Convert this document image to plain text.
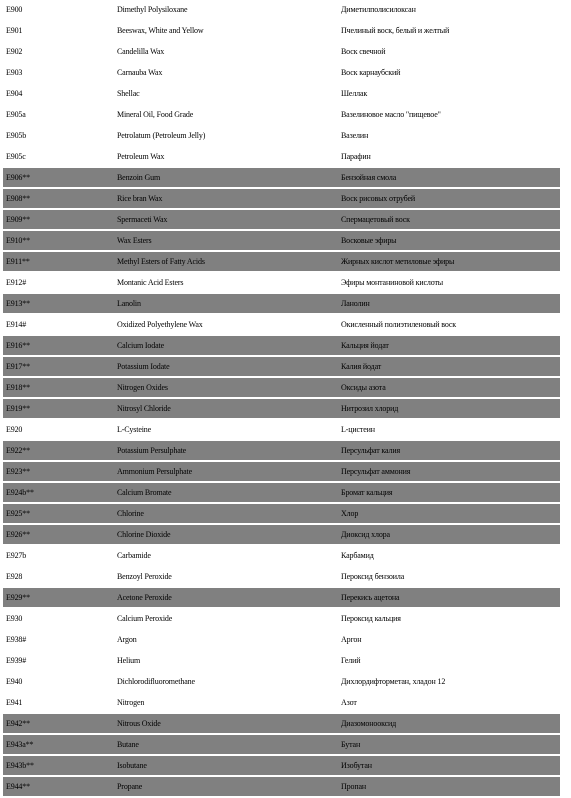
E900	Dimethyl Polysiloxane	Диметилполисилоксан
E901	Beeswax, White and Yellow	Пчелиный воск, белый и желтый
E902	Candelilla Wax	Воск свечной
E903	Carnauba Wax	Воск карнаубский
E904	Shellac	Шеллак
E905a	Mineral Oil, Food Grade	Вазелиновое масло "пищевое"
E905b	Petrolatum (Petroleum Jelly)	Вазелин
E905c	Petroleum Wax	Парафин
E906**	Benzoin Gum	Бензойная смола
E908**	Rice bran Wax	Воск рисовых отрубей
E909**	Spermaceti Wax	Спермацетовый воск
E910**	Wax Esters	Восковые эфиры
E911**	Methyl Esters of Fatty Acids	Жирных кислот метиловые эфиры
E912#	Montanic Acid Esters	Эфиры монтаниновой кислоты
E913**	Lanolin	Ланолин
E914#	Oxidized Polyethylene Wax	Окисленный полиэтиленовый воск
E916**	Calcium Iodate	Кальция йодат
E917**	Potassium Iodate	Калия йодат
E918**	Nitrogen Oxides	Оксиды азота
E919**	Nitrosyl Chloride	Нитрозил хлорид
E920	L-Cysteine	L-цистеин
E922**	Potassium Persulphate	Персульфат калия
E923**	Ammonium Persulphate	Персульфат аммония
E924b**	Calcium Bromate	Бромат кальция
E925**	Chlorine	Хлор
E926**	Chlorine Dioxide	Диоксид хлора
E927b	Carbamide	Карбамид
E928	Benzoyl Peroxide	Пероксид бензоила
E929**	Acetone Peroxide	Перекись ацетона
E930	Calcium Peroxide	Пероксид кальция
E938#	Argon	Аргон
E939#	Helium	Гелий
E940	Dichlorodifluoromethane	Дихлордифторметан, хладон 12
E941	Nitrogen	Азот
E942**	Nitrous Oxide	Диазомонооксид
E943a**	Butane	Бутан
E943b**	Isobutane	Изобутан
E944**	Propane	Пропан
